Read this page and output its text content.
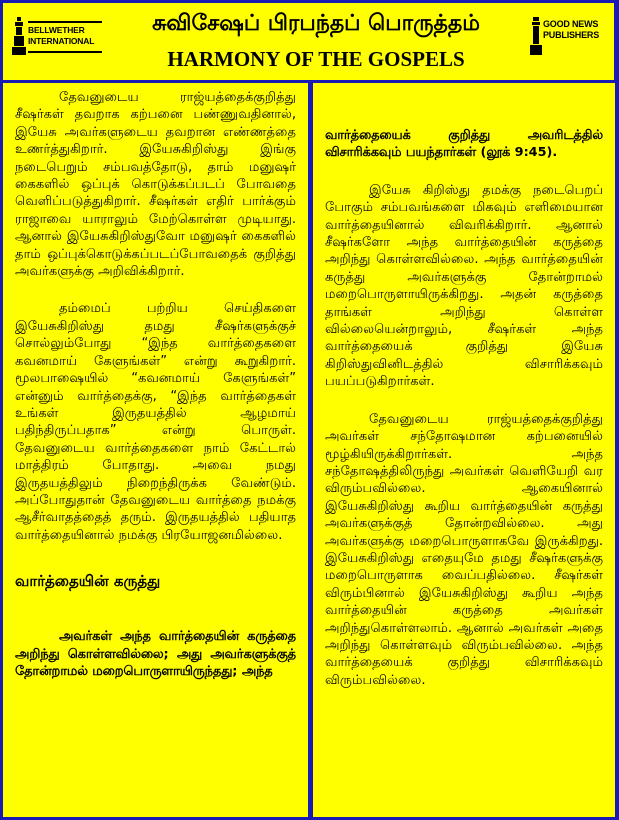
BELLWETHER
INTERNATIONAL
சுவிசேஷப் பிரபந்தப் பொருத்தம்
HARMONY OF THE GOSPELS
GOOD NEWS
PUBLISHERS

தேவனுடைய ராஜ்யத்தைக்குறித்து சீஷர்கள் தவறாக கற்பனை பண்ணுவதினால், இயேசு அவர்களுடைய தவறான எண்ணத்தை உணர்த்துகிறார். இயேசுகிறிஸ்து இங்கு நடைபெறும் சம்பவத்தோடு, தாம் மனுஷர் கைகளில் ஒப்புக் கொடுக்கப்படப் போவதை வெளிப்படுத்துகிறார். சீஷர்கள் எதிர் பார்க்கும் ராஜாவை யாராலும் மேற்கொள்ள முடியாது. ஆனால் இயேசுகிறிஸ்துவோ மனுஷர் கைகளில் தாம் ஒப்புக்கொடுக்கப்படப்போவதைக் குறித்து அவர்களுக்கு அறிவிக்கிறார்.

தம்மைப் பற்றிய செய்திகளை இயேசுகிறிஸ்து தமது சீஷர்களுக்குச் சொல்லும்போது “இந்த வார்த்தைகளை கவனமாய் கேளுங்கள்” என்று கூறுகிறார். மூலபாஷையில் “கவனமாய் கேளுங்கள்” என்னும் வார்த்தைக்கு, “இந்த வார்த்தைகள் உங்கள் இருதயத்தில் ஆழமாய் பதிந்திருப்பதாக” என்று பொருள். தேவனுடைய வார்த்தைகளை நாம் கேட்டால் மாத்திரம் போதாது. அவை நமது இருதயத்திலும் நிறைந்திருக்க வேண்டும். அப்போதுதான் தேவனுடைய வார்த்தை நமக்கு ஆசீர்வாதத்தைத் தரும். இருதயத்தில் பதியாத வார்த்தையினால் நமக்கு பிரயோஜனமில்லை.

வார்த்தையின் கருத்து

அவர்கள் அந்த வார்த்தையின் கருத்தை அறிந்து கொள்ளவில்லை; அது அவர்களுக்குத் தோன்றாமல் மறைபொருளாயிருந்தது; அந்த

வார்த்தையைக் குறித்து அவரிடத்தில் விசாரிக்கவும் பயந்தார்கள் (லூக் 9:45).

இயேசு கிறிஸ்து தமக்கு நடைபெறப் போகும் சம்பவங்களை மிகவும் எளிமையான வார்த்தையினால் விவரிக்கிறார். ஆனால் சீஷர்களோ அந்த வார்த்தையின் கருத்தை அறிந்து கொள்ளவில்லை. அந்த வார்த்தையின் கருத்து அவர்களுக்கு தோன்றாமல் மறைபொருளாயிருக்கிறது. அதன் கருத்தை தாங்கள் அறிந்து கொள்ள வில்லையென்றாலும், சீஷர்கள் அந்த வார்த்தையைக் குறித்து இயேசு கிறிஸ்துவினிடத்தில் விசாரிக்கவும் பயப்படுகிறார்கள்.

தேவனுடைய ராஜ்யத்தைக்குறித்து அவர்கள் சந்தோஷமான கற்பனையில் மூழ்கியிருக்கிறார்கள். அந்த சந்தோஷத்திலிருந்து அவர்கள் வெளியேறி வர விரும்பவில்லை. ஆகையினால் இயேசுகிறிஸ்து கூறிய வார்த்தையின் கருத்து அவர்களுக்குத் தோன்றவில்லை. அது அவர்களுக்கு மறைபொருளாகவே இருக்கிறது. இயேசுகிறிஸ்து எதையுமே தமது சீஷர்களுக்கு மறைபொருளாக வைப்பதில்லை. சீஷர்கள் விரும்பினால் இயேசுகிறிஸ்து கூறிய அந்த வார்த்தையின் கருத்தை அவர்கள் அறிந்துகொள்ளலாம். ஆனால் அவர்கள் அதை அறிந்து கொள்ளவும் விரும்பவில்லை. அந்த வார்த்தையைக் குறித்து விசாரிக்கவும் விரும்பவில்லை.
